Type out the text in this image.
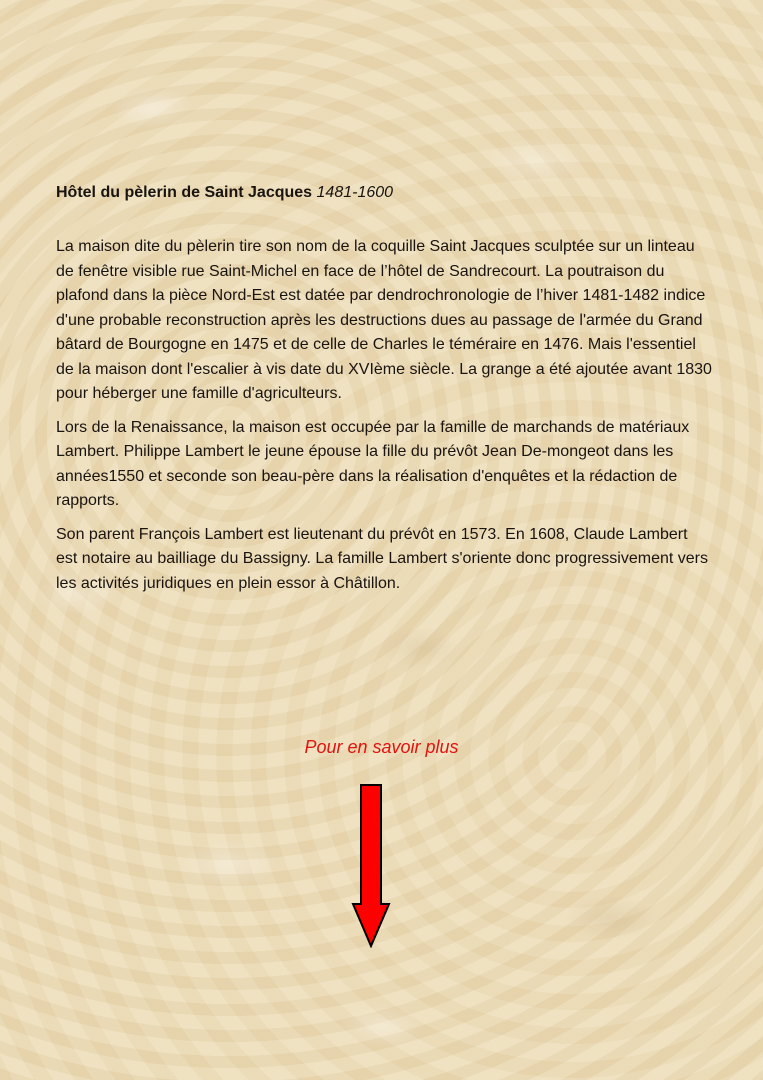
Hôtel du pèlerin de Saint Jacques 1481-1600

La maison dite du pèlerin tire son nom de la coquille Saint Jacques sculptée sur un linteau de fenêtre visible rue Saint-Michel en face de l’hôtel de Sandrecourt. La poutraison du plafond dans la pièce Nord-Est est datée par dendrochronologie de l’hiver 1481-1482 indice d'une probable reconstruction après les destructions dues au passage de l'armée du Grand bâtard de Bourgogne en 1475 et de celle de Charles le téméraire en 1476. Mais l'essentiel de la maison dont l'escalier à vis date du XVIème siècle. La grange a été ajoutée avant 1830 pour héberger une famille d'agriculteurs.

Lors de la Renaissance, la maison est occupée par la famille de marchands de matériaux Lambert. Philippe Lambert le jeune épouse la fille du prévôt Jean De-mongeot dans les années1550 et seconde son beau-père dans la réalisation d'enquêtes et la rédaction de rapports.

Son parent François Lambert est lieutenant du prévôt en 1573. En 1608, Claude Lambert est notaire au bailliage du Bassigny. La famille Lambert s'oriente donc progressivement vers les activités juridiques en plein essor à Châtillon.

Pour en savoir plus
